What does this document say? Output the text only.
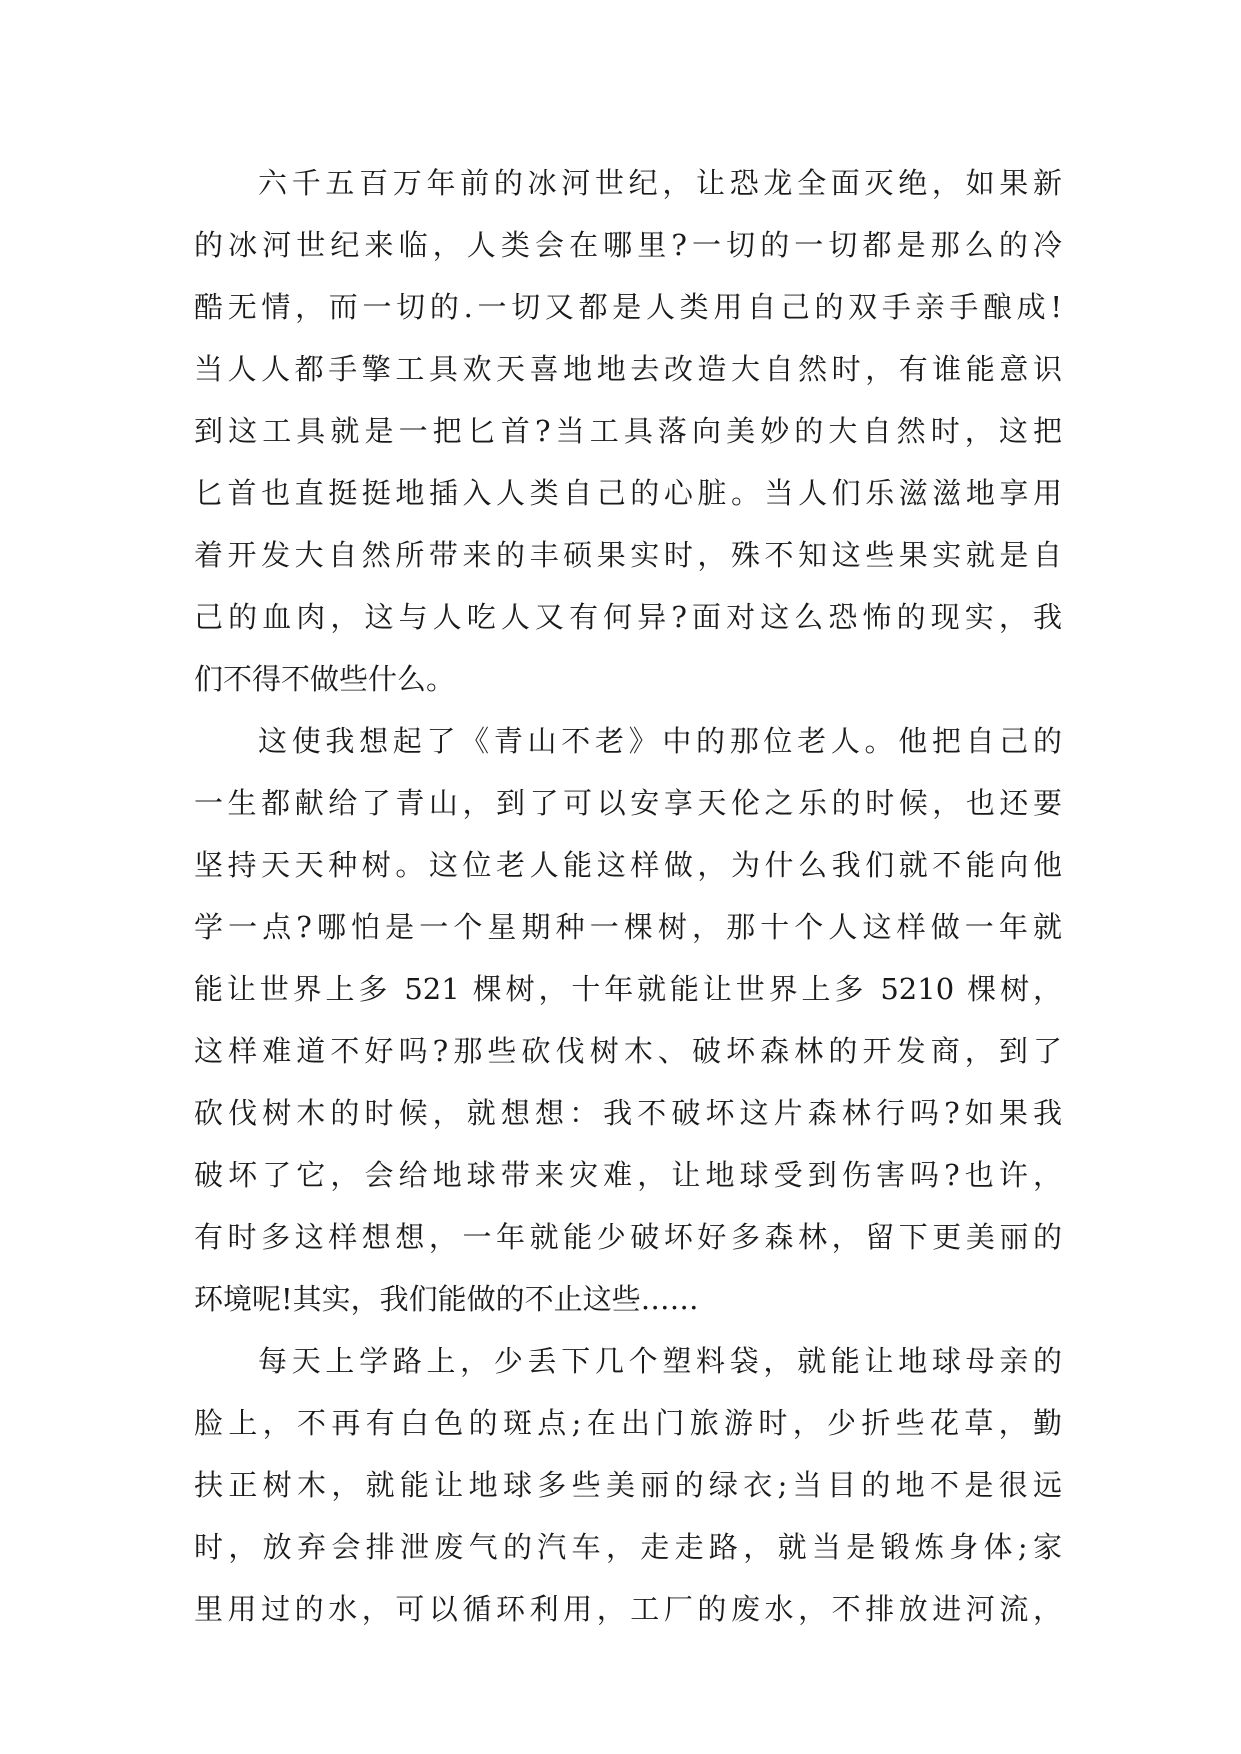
六千五百万年前的冰河世纪，让恐龙全面灭绝，如果新
的冰河世纪来临，人类会在哪里?一切的一切都是那么的冷
酷无情，而一切的.一切又都是人类用自己的双手亲手酿成!
当人人都手擎工具欢天喜地地去改造大自然时，有谁能意识
到这工具就是一把匕首?当工具落向美妙的大自然时，这把
匕首也直挺挺地插入人类自己的心脏。当人们乐滋滋地享用
着开发大自然所带来的丰硕果实时，殊不知这些果实就是自
己的血肉，这与人吃人又有何异?面对这么恐怖的现实，我
们不得不做些什么。
这使我想起了《青山不老》中的那位老人。他把自己的
一生都献给了青山，到了可以安享天伦之乐的时候，也还要
坚持天天种树。这位老人能这样做，为什么我们就不能向他
学一点?哪怕是一个星期种一棵树，那十个人这样做一年就
能让世界上多 521 棵树，十年就能让世界上多 5210 棵树，
这样难道不好吗?那些砍伐树木、破坏森林的开发商，到了
砍伐树木的时候，就想想：我不破坏这片森林行吗?如果我
破坏了它，会给地球带来灾难，让地球受到伤害吗?也许，
有时多这样想想，一年就能少破坏好多森林，留下更美丽的
环境呢!其实，我们能做的不止这些……
每天上学路上，少丢下几个塑料袋，就能让地球母亲的
脸上，不再有白色的斑点;在出门旅游时，少折些花草，勤
扶正树木，就能让地球多些美丽的绿衣;当目的地不是很远
时，放弃会排泄废气的汽车，走走路，就当是锻炼身体;家
里用过的水，可以循环利用，工厂的废水，不排放进河流，
